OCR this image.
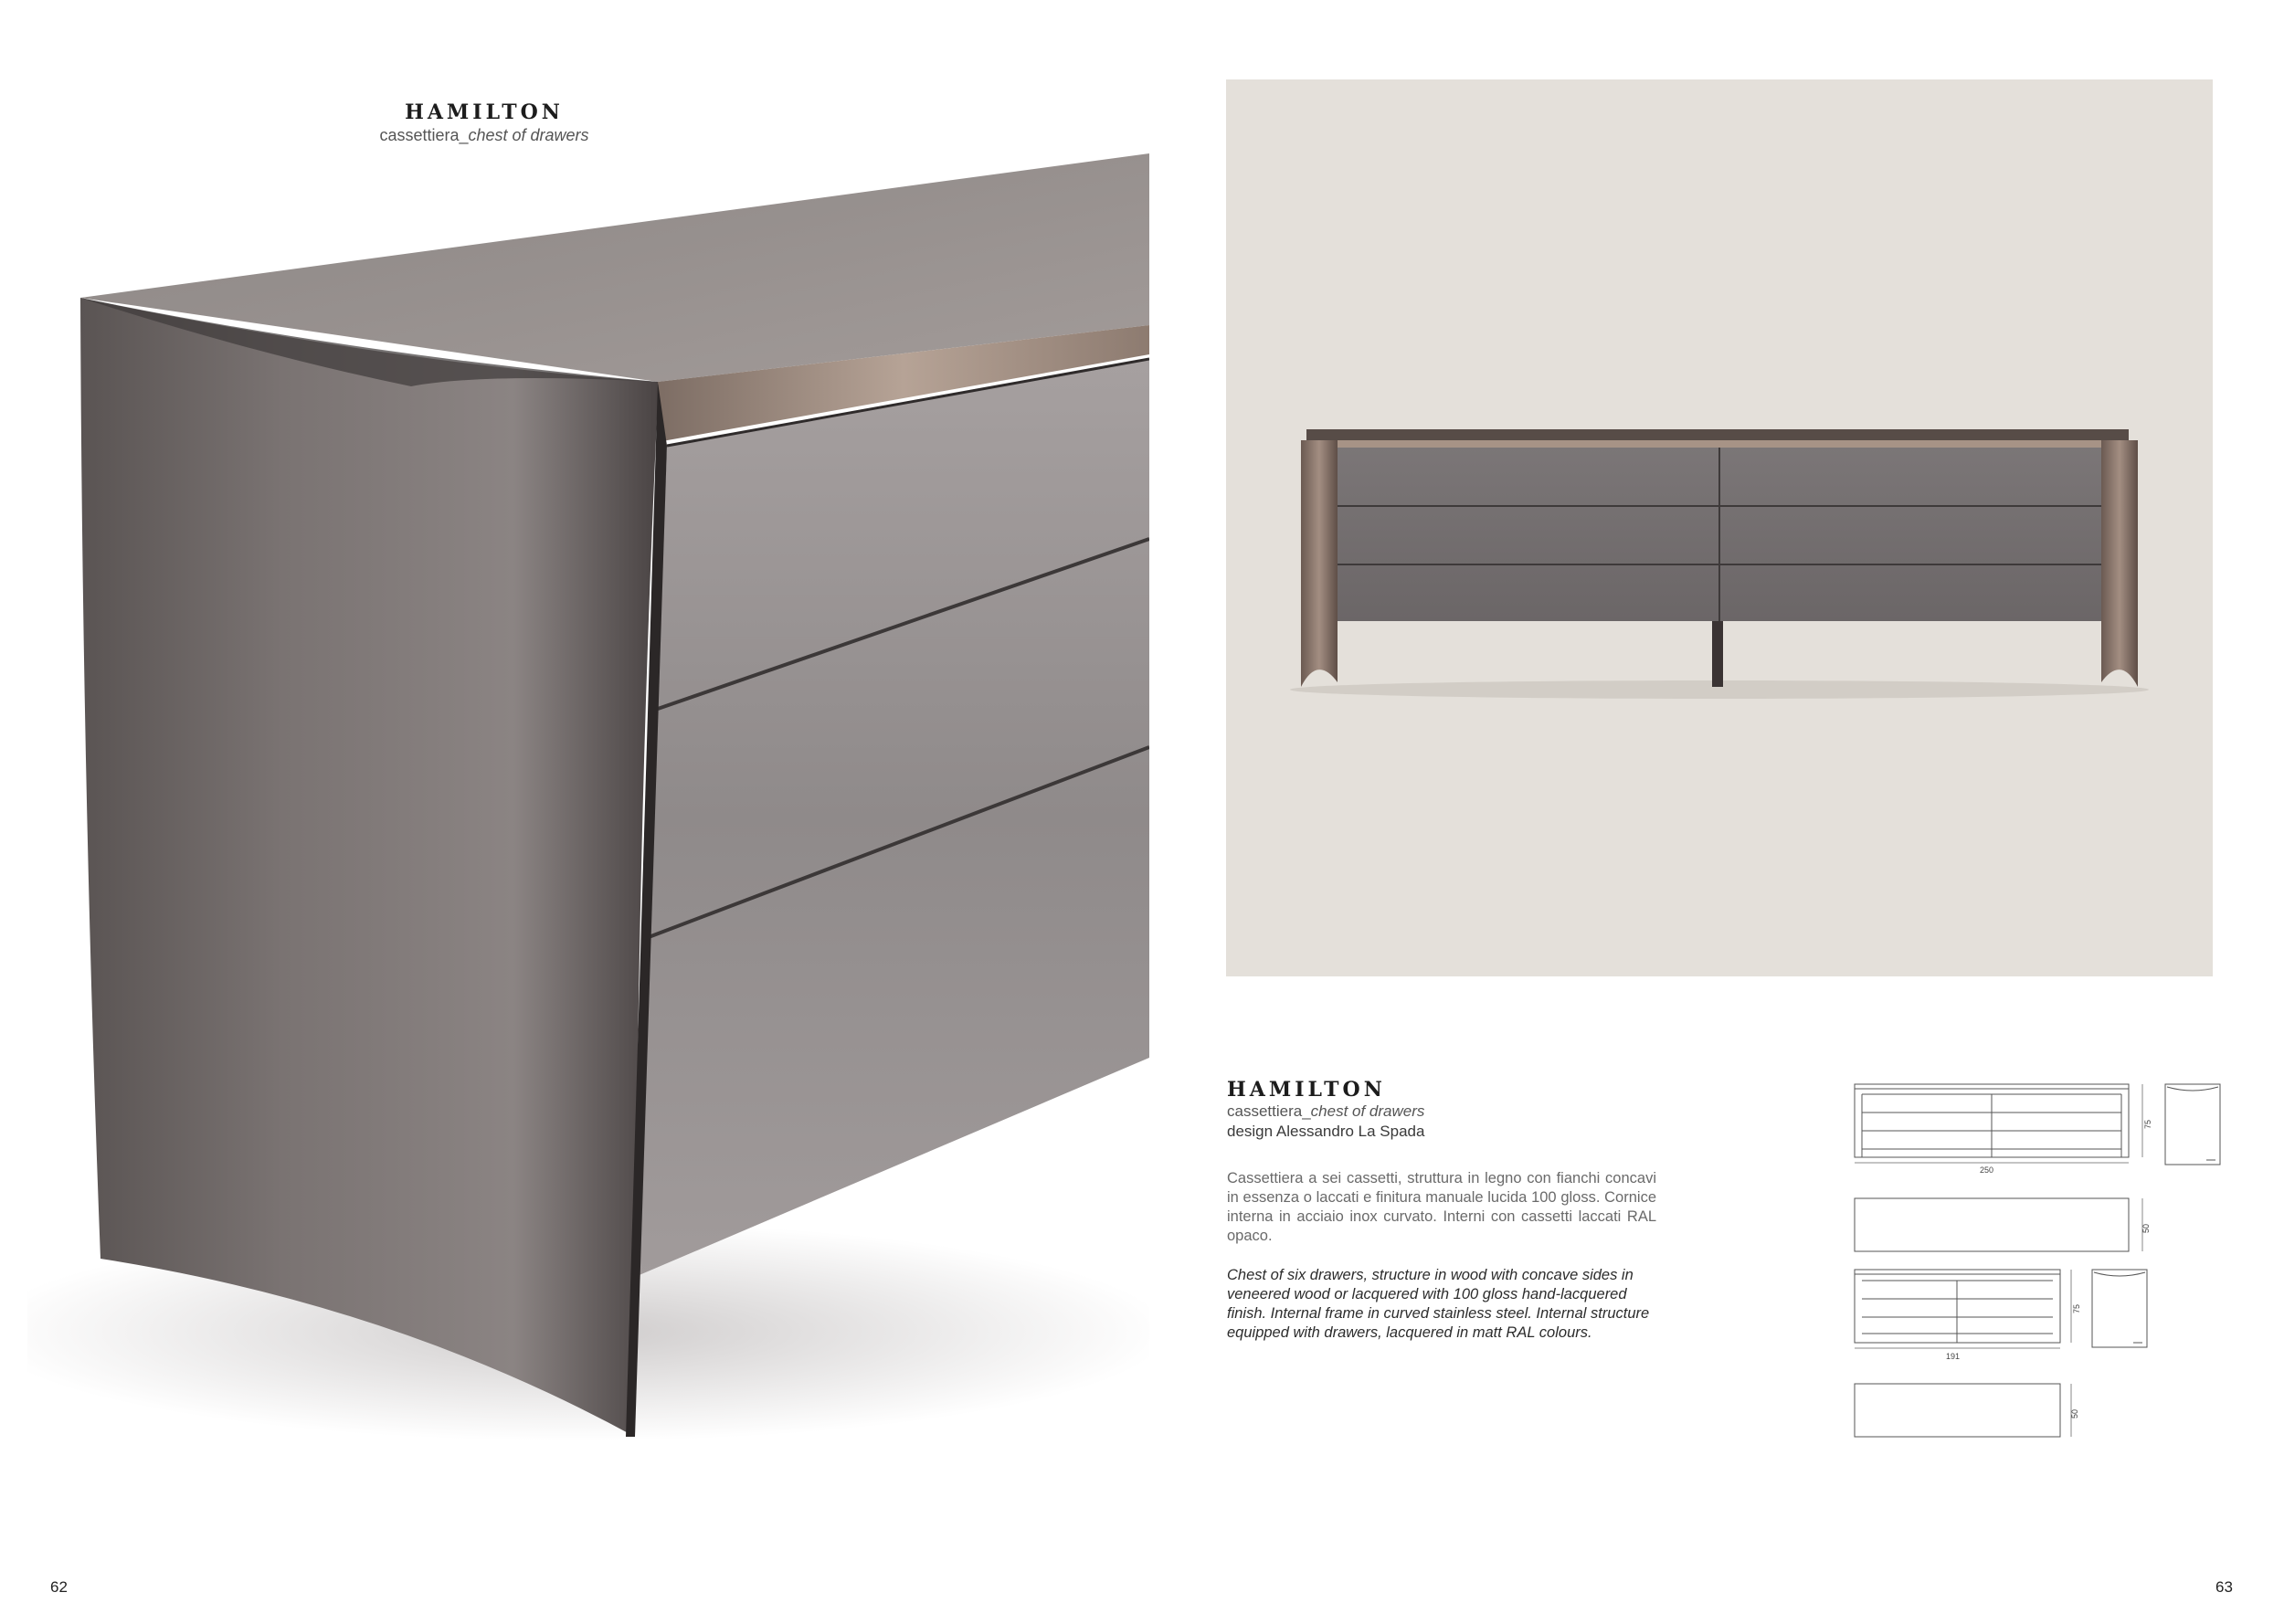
HAMILTON
cassettiera_chest of drawers
HAMILTON
cassettiera_chest of drawers
design Alessandro La Spada
Cassettiera a sei cassetti, struttura in legno con fianchi concavi in essenza o laccati e finitura manuale lucida 100 gloss. Cornice interna in acciaio inox curvato. Interni con cassetti laccati RAL opaco.
Chest of six drawers, structure in wood with concave sides in veneered wood or lacquered with 100 gloss hand-lacquered finish. Internal frame in curved stainless steel. Internal structure equipped with drawers, lacquered in matt RAL colours.
250
75
50
191
75
50
62	63
